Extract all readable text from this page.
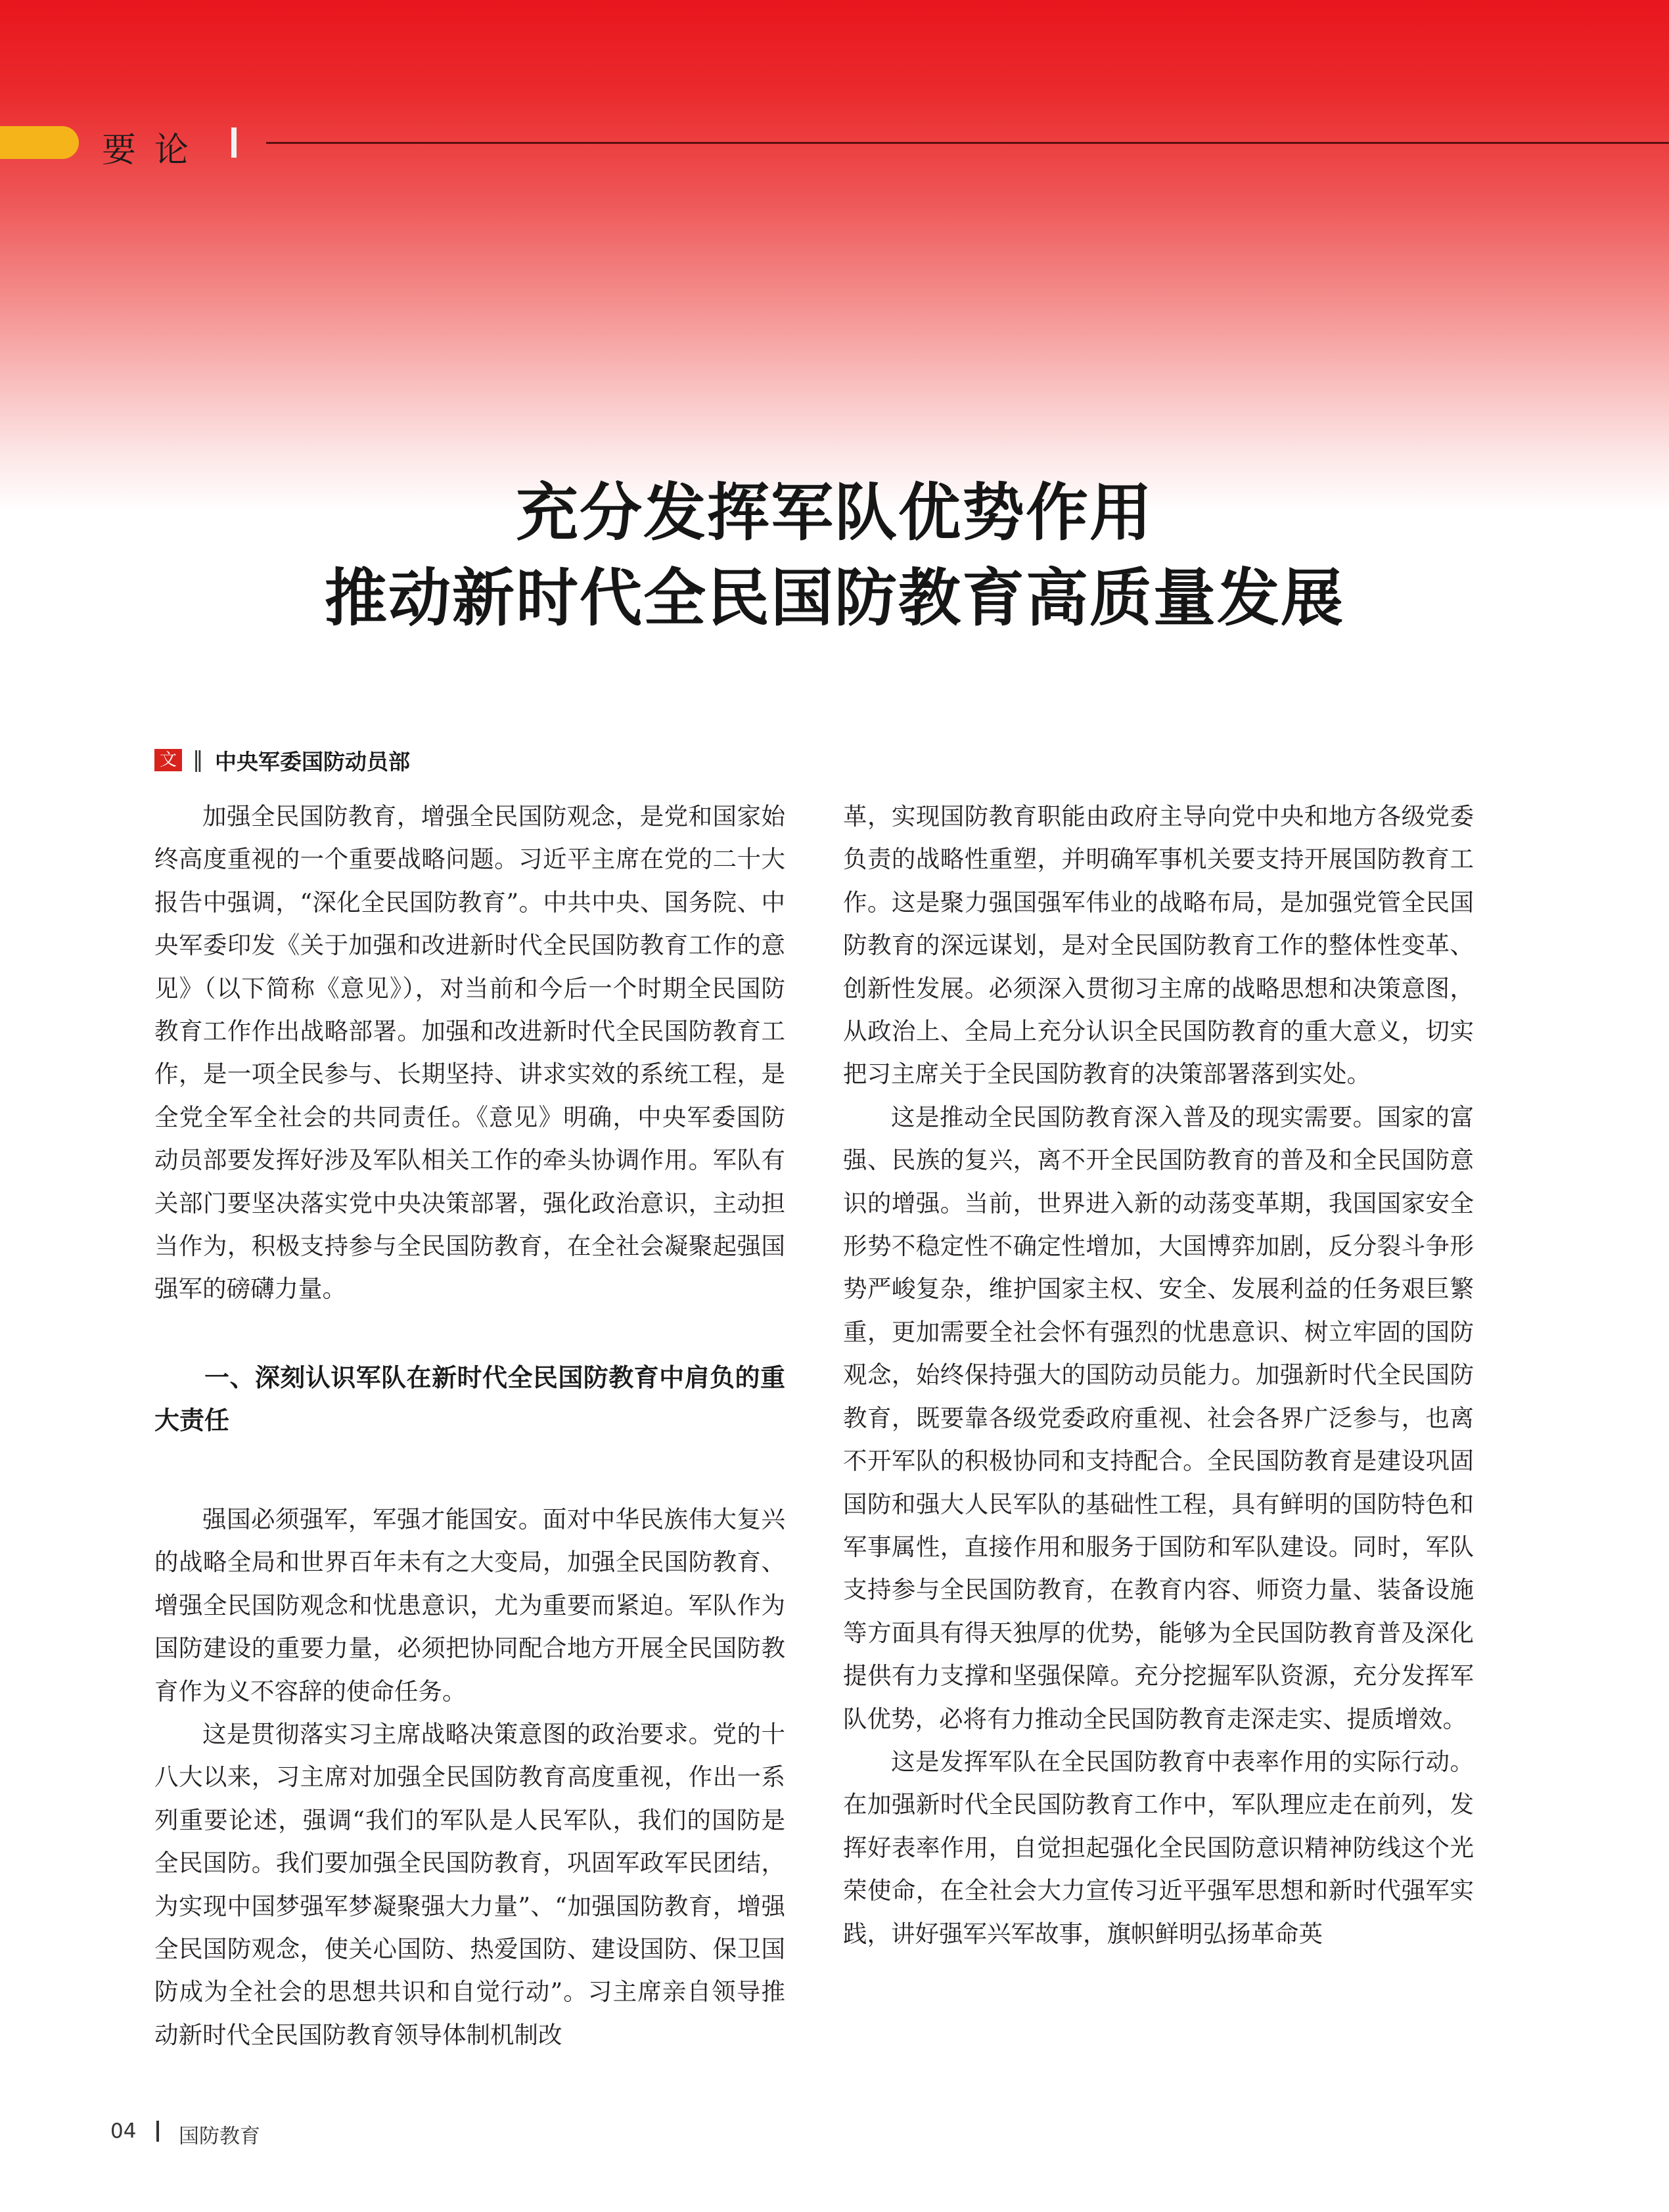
要论
充分发挥军队优势作用
推动新时代全民国防教育高质量发展
文 ‖ 中央军委国防动员部

加强全民国防教育，增强全民国防观念，是党和国家始终高度重视的一个重要战略问题。习近平主席在党的二十大报告中强调，“深化全民国防教育”。中共中央、国务院、中央军委印发《关于加强和改进新时代全民国防教育工作的意见》（以下简称《意见》），对当前和今后一个时期全民国防教育工作作出战略部署。加强和改进新时代全民国防教育工作，是一项全民参与、长期坚持、讲求实效的系统工程，是全党全军全社会的共同责任。《意见》明确，中央军委国防动员部要发挥好涉及军队相关工作的牵头协调作用。军队有关部门要坚决落实党中央决策部署，强化政治意识，主动担当作为，积极支持参与全民国防教育，在全社会凝聚起强国强军的磅礴力量。

一、深刻认识军队在新时代全民国防教育中肩负的重大责任

强国必须强军，军强才能国安。面对中华民族伟大复兴的战略全局和世界百年未有之大变局，加强全民国防教育、增强全民国防观念和忧患意识，尤为重要而紧迫。军队作为国防建设的重要力量，必须把协同配合地方开展全民国防教育作为义不容辞的使命任务。

这是贯彻落实习主席战略决策意图的政治要求。党的十八大以来，习主席对加强全民国防教育高度重视，作出一系列重要论述，强调“我们的军队是人民军队，我们的国防是全民国防。我们要加强全民国防教育，巩固军政军民团结，为实现中国梦强军梦凝聚强大力量”、“加强国防教育，增强全民国防观念，使关心国防、热爱国防、建设国防、保卫国防成为全社会的思想共识和自觉行动”。习主席亲自领导推动新时代全民国防教育领导体制机制改

革，实现国防教育职能由政府主导向党中央和地方各级党委负责的战略性重塑，并明确军事机关要支持开展国防教育工作。这是聚力强国强军伟业的战略布局，是加强党管全民国防教育的深远谋划，是对全民国防教育工作的整体性变革、创新性发展。必须深入贯彻习主席的战略思想和决策意图，从政治上、全局上充分认识全民国防教育的重大意义，切实把习主席关于全民国防教育的决策部署落到实处。

这是推动全民国防教育深入普及的现实需要。国家的富强、民族的复兴，离不开全民国防教育的普及和全民国防意识的增强。当前，世界进入新的动荡变革期，我国国家安全形势不稳定性不确定性增加，大国博弈加剧，反分裂斗争形势严峻复杂，维护国家主权、安全、发展利益的任务艰巨繁重，更加需要全社会怀有强烈的忧患意识、树立牢固的国防观念，始终保持强大的国防动员能力。加强新时代全民国防教育，既要靠各级党委政府重视、社会各界广泛参与，也离不开军队的积极协同和支持配合。全民国防教育是建设巩固国防和强大人民军队的基础性工程，具有鲜明的国防特色和军事属性，直接作用和服务于国防和军队建设。同时，军队支持参与全民国防教育，在教育内容、师资力量、装备设施等方面具有得天独厚的优势，能够为全民国防教育普及深化提供有力支撑和坚强保障。充分挖掘军队资源，充分发挥军队优势，必将有力推动全民国防教育走深走实、提质增效。

这是发挥军队在全民国防教育中表率作用的实际行动。在加强新时代全民国防教育工作中，军队理应走在前列，发挥好表率作用，自觉担起强化全民国防意识精神防线这个光荣使命，在全社会大力宣传习近平强军思想和新时代强军实践，讲好强军兴军故事，旗帜鲜明弘扬革命英

04 国防教育
